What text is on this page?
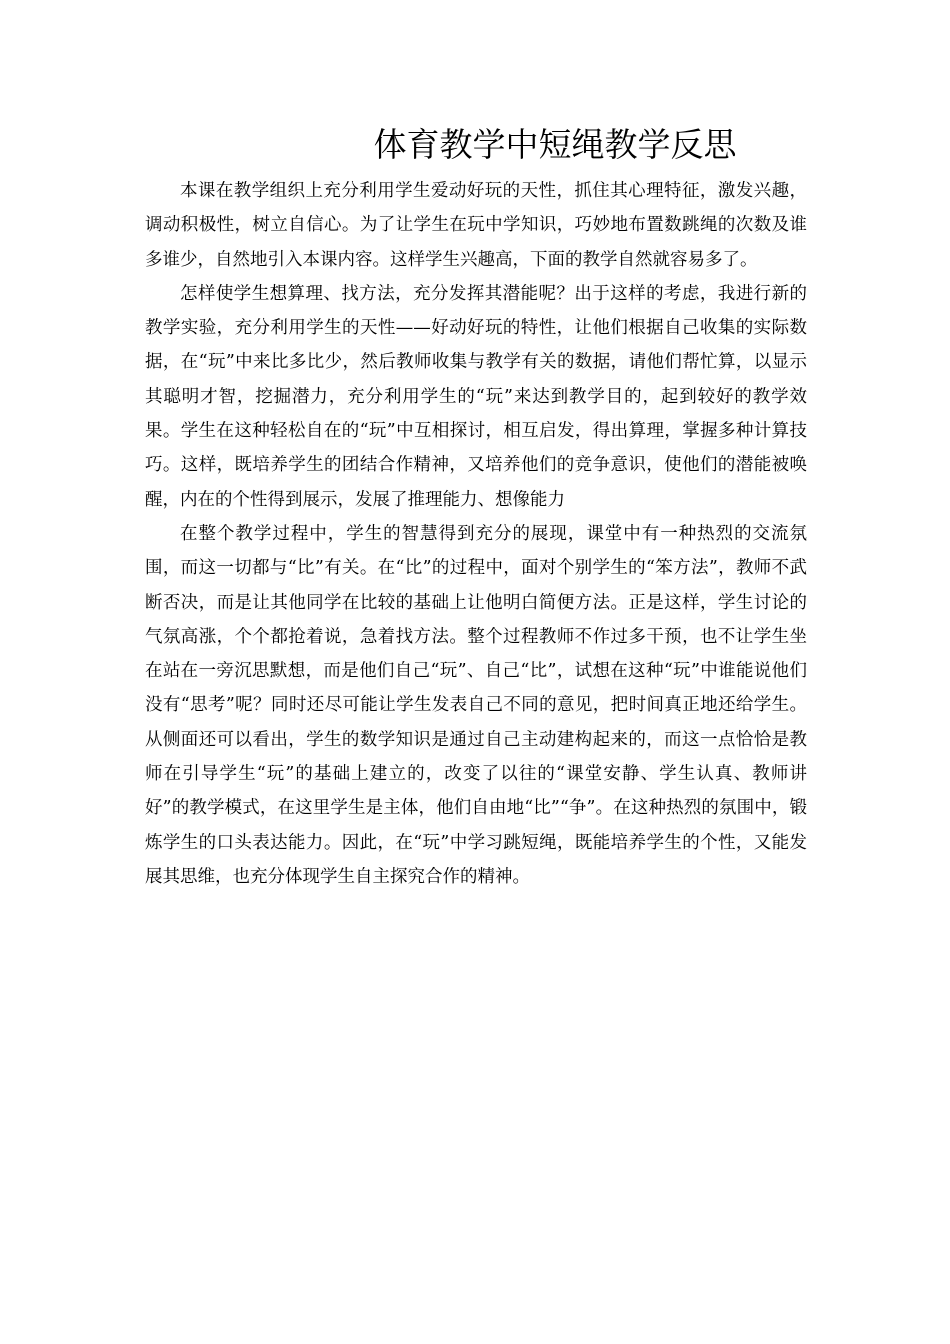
体育教学中短绳教学反思

本课在教学组织上充分利用学生爱动好玩的天性，抓住其心理特征，激发兴趣，调动积极性，树立自信心。为了让学生在玩中学知识，巧妙地布置数跳绳的次数及谁多谁少，自然地引入本课内容。这样学生兴趣高，下面的教学自然就容易多了。

怎样使学生想算理、找方法，充分发挥其潜能呢？出于这样的考虑，我进行新的教学实验，充分利用学生的天性——好动好玩的特性，让他们根据自己收集的实际数据，在“玩”中来比多比少，然后教师收集与教学有关的数据，请他们帮忙算，以显示其聪明才智，挖掘潜力，充分利用学生的“玩”来达到教学目的，起到较好的教学效果。学生在这种轻松自在的“玩”中互相探讨，相互启发，得出算理，掌握多种计算技巧。这样，既培养学生的团结合作精神，又培养他们的竞争意识，使他们的潜能被唤醒，内在的个性得到展示，发展了推理能力、想像能力

在整个教学过程中，学生的智慧得到充分的展现，课堂中有一种热烈的交流氛围，而这一切都与“比”有关。在“比”的过程中，面对个别学生的“笨方法”，教师不武断否决，而是让其他同学在比较的基础上让他明白简便方法。正是这样，学生讨论的气氛高涨，个个都抢着说，急着找方法。整个过程教师不作过多干预，也不让学生坐在站在一旁沉思默想，而是他们自己“玩”、自己“比”，试想在这种“玩”中谁能说他们没有“思考”呢？同时还尽可能让学生发表自己不同的意见，把时间真正地还给学生。从侧面还可以看出，学生的数学知识是通过自己主动建构起来的，而这一点恰恰是教师在引导学生“玩”的基础上建立的，改变了以往的“课堂安静、学生认真、教师讲好”的教学模式，在这里学生是主体，他们自由地“比”“争”。在这种热烈的氛围中，锻炼学生的口头表达能力。因此，在“玩”中学习跳短绳，既能培养学生的个性，又能发展其思维，也充分体现学生自主探究合作的精神。
